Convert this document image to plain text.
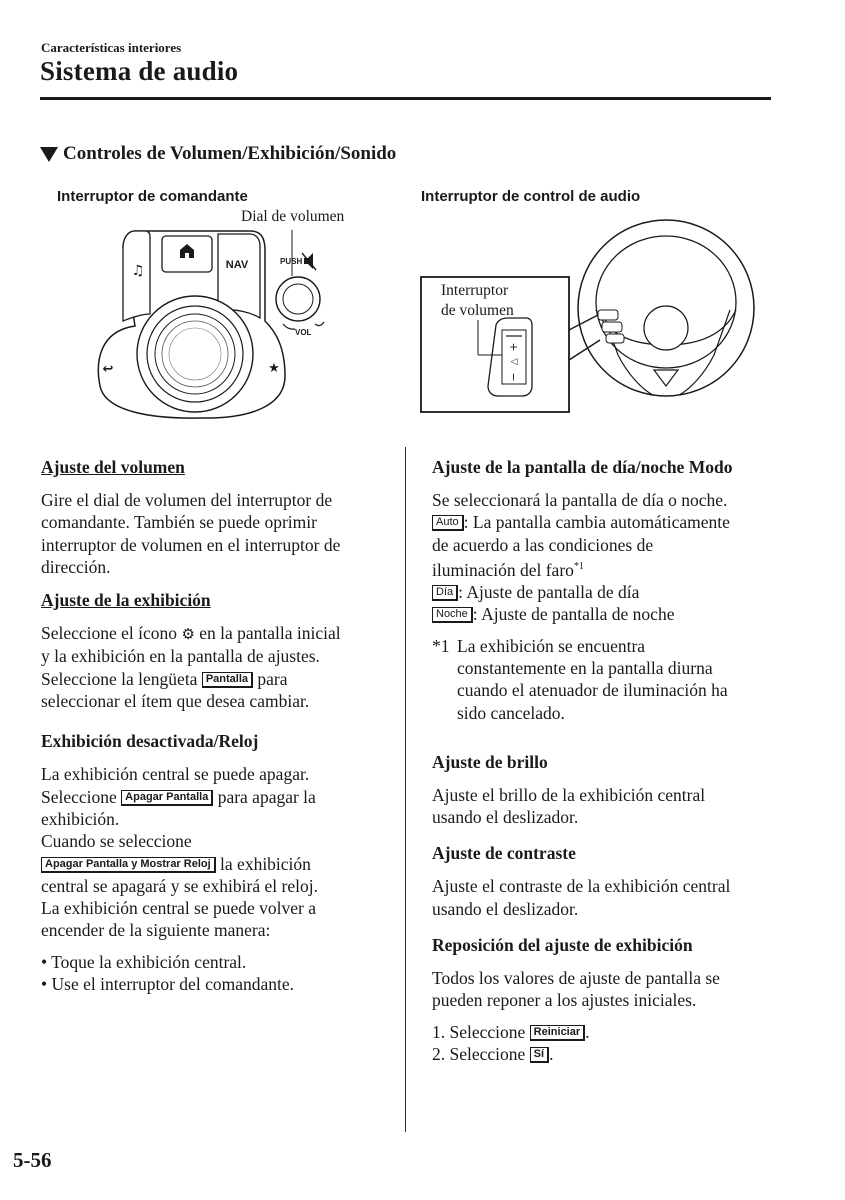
Características interiores
Sistema de audio
Controles de Volumen/Exhibición/Sonido
Interruptor de comandante
Dial de volumen
♫	NAV
↩	★
PUSH
VOL
Interruptor de control de audio
+
◁
−
Interruptor
de volumen
Ajuste del volumen

Gire el dial de volumen del interruptor de

comandante. También se puede oprimir

interruptor de volumen en el interruptor de

dirección.

Ajuste de la exhibición

Seleccione el ícono ⚙ en la pantalla inicial

y la exhibición en la pantalla de ajustes.

Seleccione la lengüeta Pantalla para

seleccionar el ítem que desea cambiar.

Exhibición desactivada/Reloj

La exhibición central se puede apagar.

Seleccione Apagar Pantalla para apagar la

exhibición.

Cuando se seleccione

Apagar Pantalla y Mostrar Reloj la exhibición

central se apagará y se exhibirá el reloj.

La exhibición central se puede volver a

encender de la siguiente manera:

• Toque la exhibición central.

• Use el interruptor del comandante.

Ajuste de la pantalla de día/noche Modo

Se seleccionará la pantalla de día o noche.

Auto : La pantalla cambia automáticamente

de acuerdo a las condiciones de

iluminación del faro$^{*1}$

Día : Ajuste de pantalla de día

Noche : Ajuste de pantalla de noche

*1 La exhibición se encuentra

constantemente en la pantalla diurna

cuando el atenuador de iluminación ha

sido cancelado.

Ajuste de brillo

Ajuste el brillo de la exhibición central

usando el deslizador.

Ajuste de contraste

Ajuste el contraste de la exhibición central

usando el deslizador.

Reposición del ajuste de exhibición

Todos los valores de ajuste de pantalla se

pueden reponer a los ajustes iniciales.

1. Seleccione Reiniciar .

2. Seleccione Sí .

5-56
